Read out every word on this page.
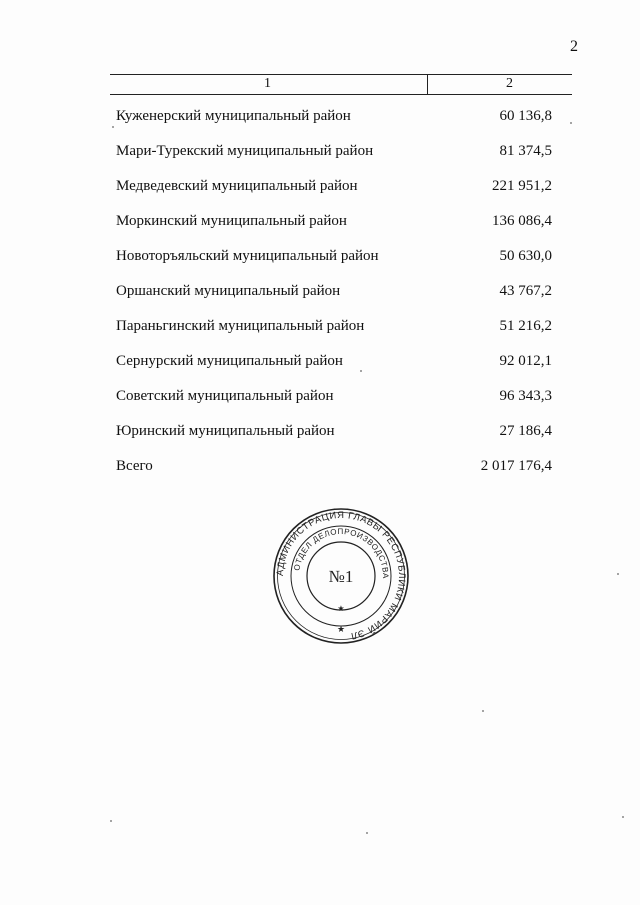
2
1	2
Куженерский муниципальный район	60 136,8
Мари-Турекский муниципальный район	81 374,5
Медведевский муниципальный район	221 951,2
Моркинский муниципальный район	136 086,4
Новоторъяльский муниципальный район	50 630,0
Оршанский муниципальный район	43 767,2
Параньгинский муниципальный район	51 216,2
Сернурский муниципальный район	92 012,1
Советский муниципальный район	96 343,3
Юринский муниципальный район	27 186,4
Всего	2 017 176,4
АДМИНИСТРАЦИЯ ГЛАВЫ РЕСПУБЛИКИ МАРИЙ ЭЛ
ОТДЕЛ ДЕЛОПРОИЗВОДСТВА
№1
★
★
